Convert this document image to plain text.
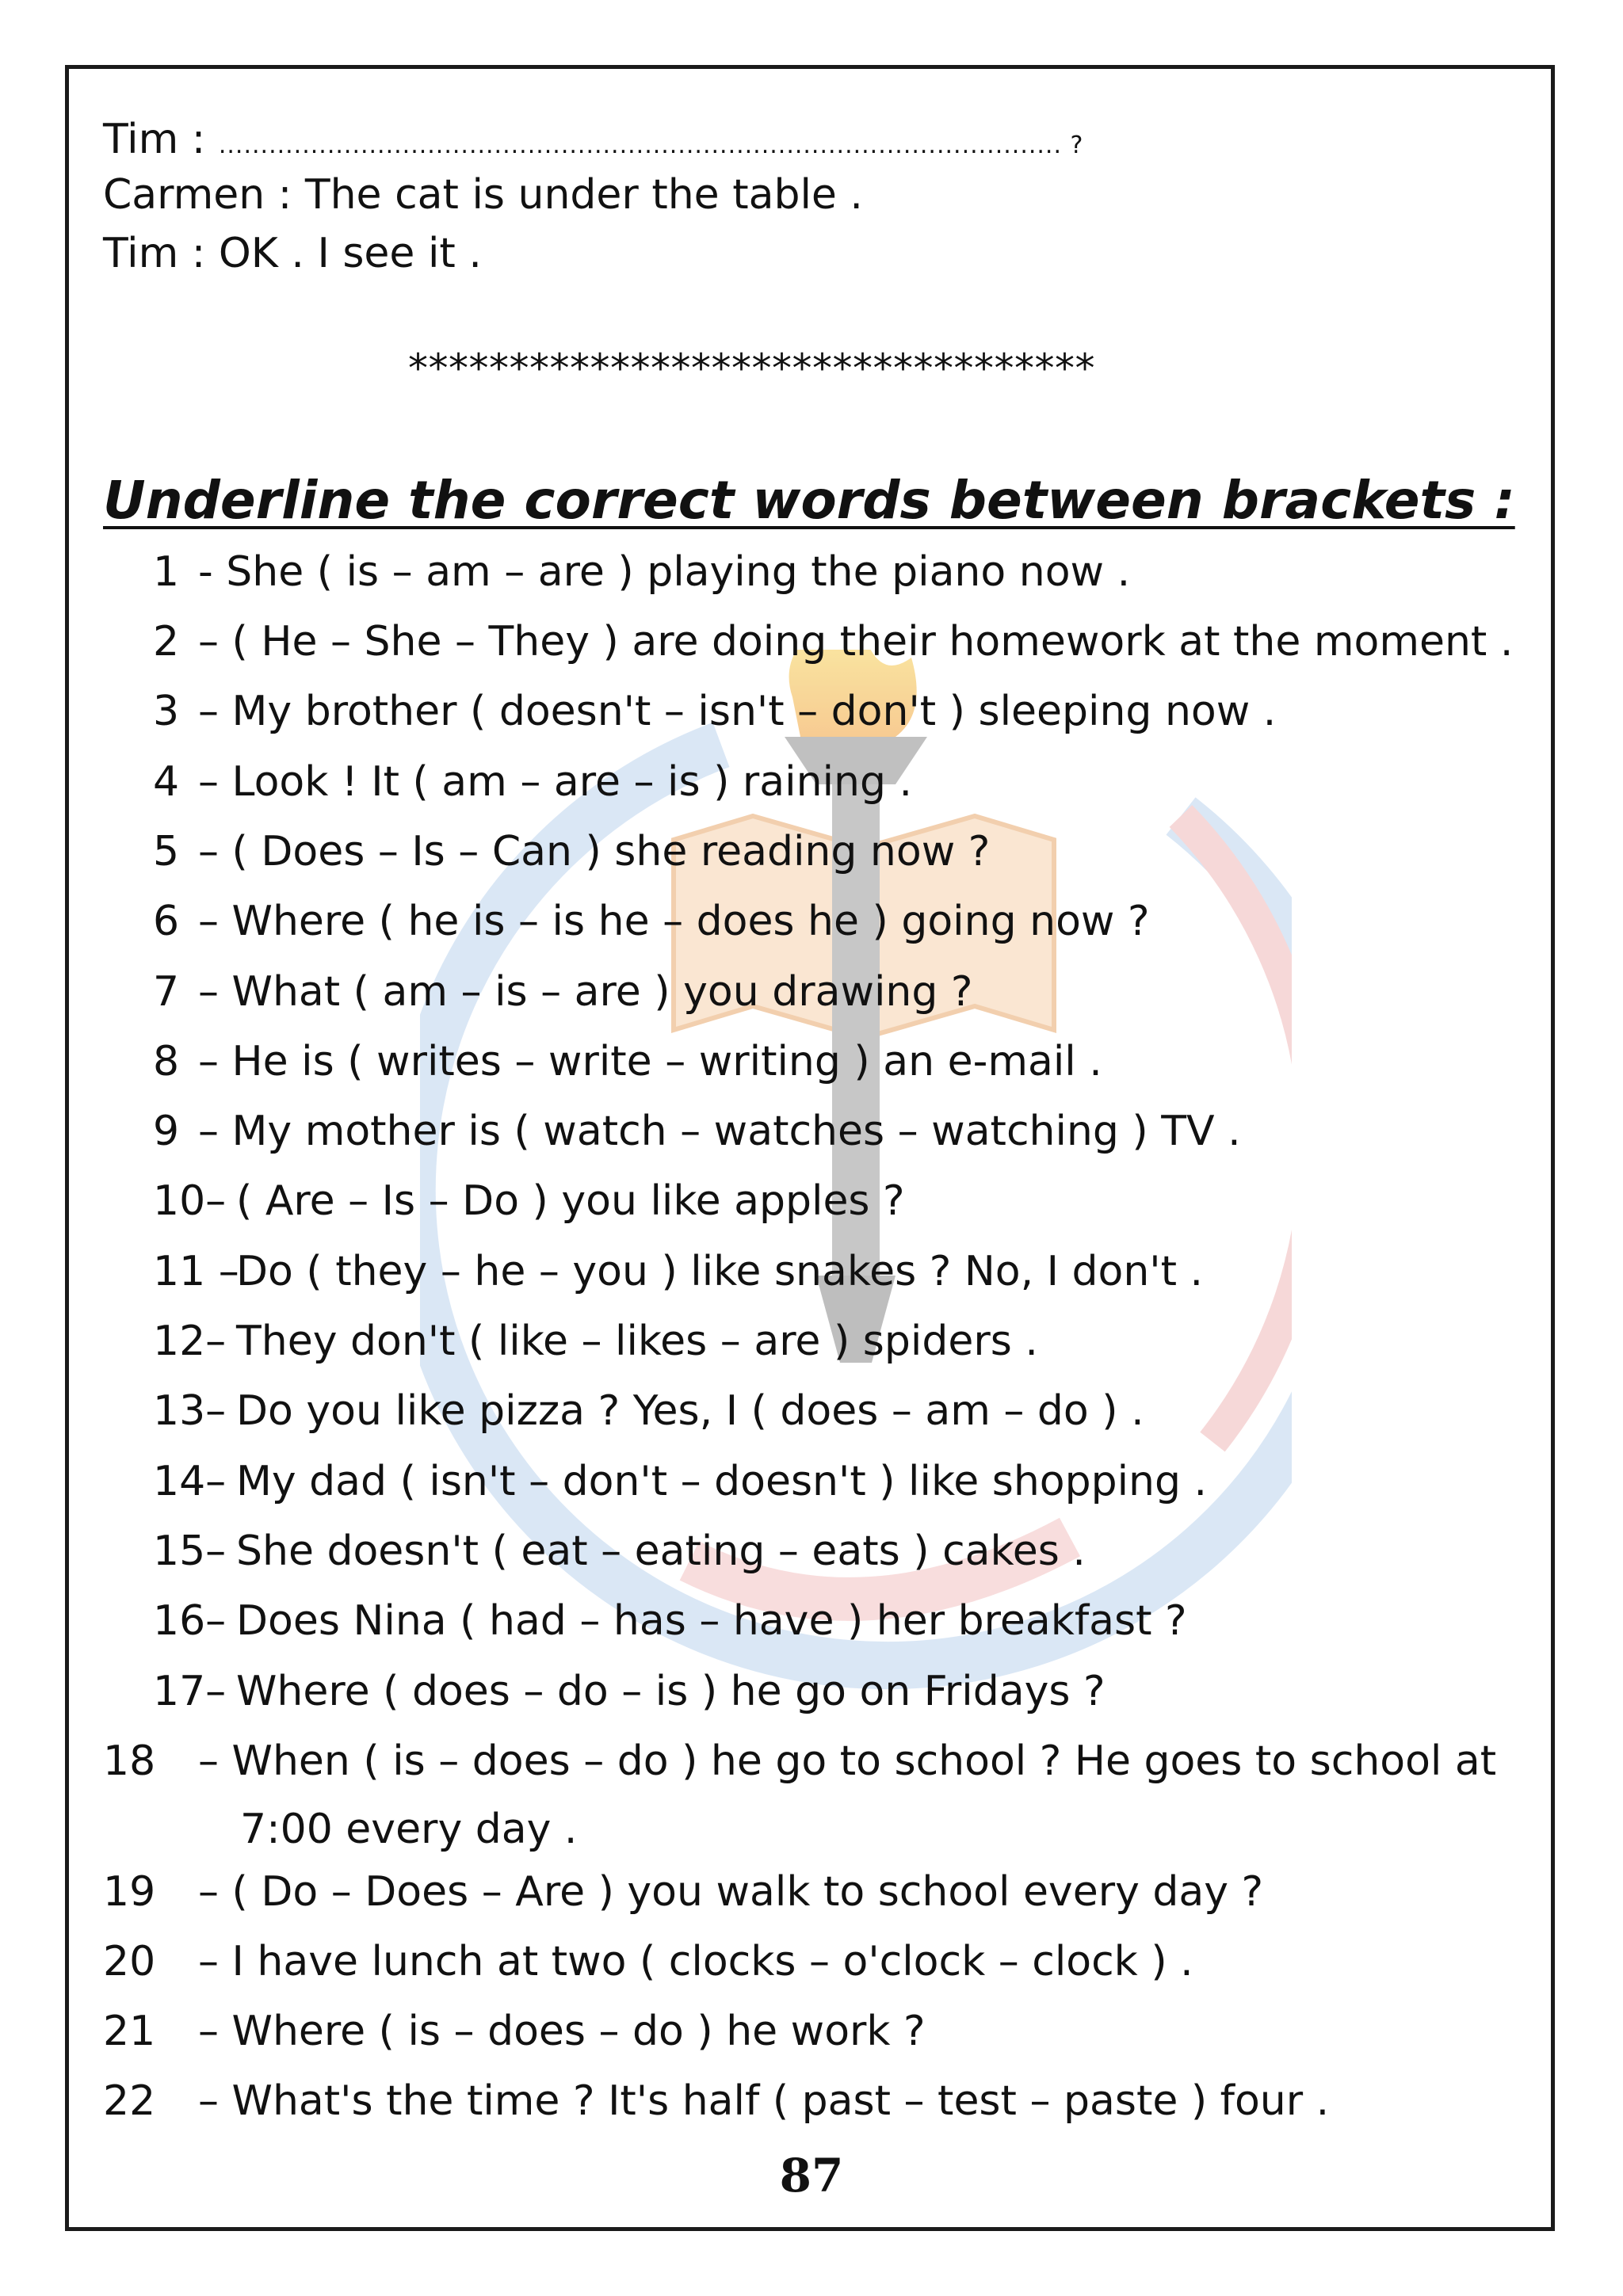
Tim : ..................................................................................................... ?
Carmen : The cat is under the table .
Tim : OK . I see it .
**********************************
Underline the correct words between brackets :
1 - She ( is – am – are ) playing the piano now .
2 – ( He – She – They ) are doing their homework at the moment .
3 – My brother ( doesn't – isn't – don't ) sleeping now .
4 – Look ! It ( am – are – is ) raining .
5 – ( Does – Is – Can ) she reading now ?
6 – Where ( he is – is he – does he ) going now ?
7 – What ( am – is – are ) you drawing ?
8 – He is ( writes – write – writing ) an e-mail .
9 – My mother is ( watch – watches – watching ) TV .
10– ( Are – Is – Do ) you like apples ?
11 –
Do ( they – he – you ) like snakes ? No, I don't .
12– They don't ( like – likes – are ) spiders .
13– Do you like pizza ? Yes, I ( does – am – do ) .
14– My dad ( isn't – don't – doesn't ) like shopping .
15– She doesn't ( eat – eating – eats ) cakes .
16– Does Nina ( had – has – have ) her breakfast ?
17– Where ( does – do – is ) he go on Fridays ?
18 – When ( is – does – do ) he go to school ? He goes to school at
7:00 every day .
19 – ( Do – Does – Are ) you walk to school every day ?
20 – I have lunch at two ( clocks – o'clock – clock ) .
21 – Where ( is – does – do ) he work ?
22 – What's the time ? It's half ( past – test – paste ) four .
87
